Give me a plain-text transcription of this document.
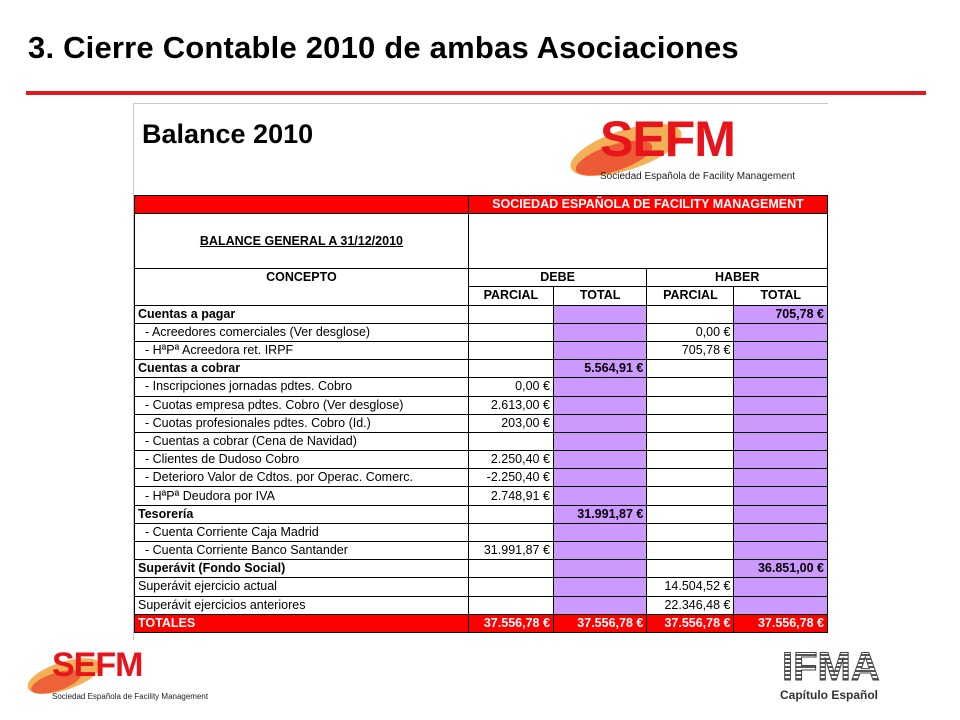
3. Cierre Contable 2010 de ambas Asociaciones
Balance 2010	SEFM
Sociedad Española de Facility Management
	SOCIEDAD ESPAÑOLA DE FACILITY MANAGEMENT			
BALANCE GENERAL A 31/12/2010				
CONCEPTO	DEBE		HABER	
	PARCIAL	TOTAL	PARCIAL	TOTAL
Cuentas a pagar				705,78 €
- Acreedores comerciales (Ver desglose)			0,00 €	
- HªPª Acreedora ret. IRPF			705,78 €	
Cuentas a cobrar		5.564,91 €		
- Inscripciones jornadas pdtes. Cobro	0,00 €			
- Cuotas empresa pdtes. Cobro (Ver desglose)	2.613,00 €			
- Cuotas profesionales pdtes. Cobro (Id.)	203,00 €			
- Cuentas a cobrar (Cena de Navidad)				
- Clientes de Dudoso Cobro	2.250,40 €			
- Deterioro Valor de Cdtos. por Operac. Comerc.	-2.250,40 €			
- HªPª Deudora por IVA	2.748,91 €			
Tesorería		31.991,87 €		
- Cuenta Corriente Caja Madrid				
- Cuenta Corriente Banco Santander	31.991,87 €			
Superávit (Fondo Social)				36.851,00 €
Superávit ejercicio actual			14.504,52 €	
Superávit ejercicios anteriores			22.346,48 €	
TOTALES	37.556,78 €	37.556,78 €	37.556,78 €	37.556,78 €
SEFM
Sociedad Española de Facility Management
IFMA
Capítulo Español
